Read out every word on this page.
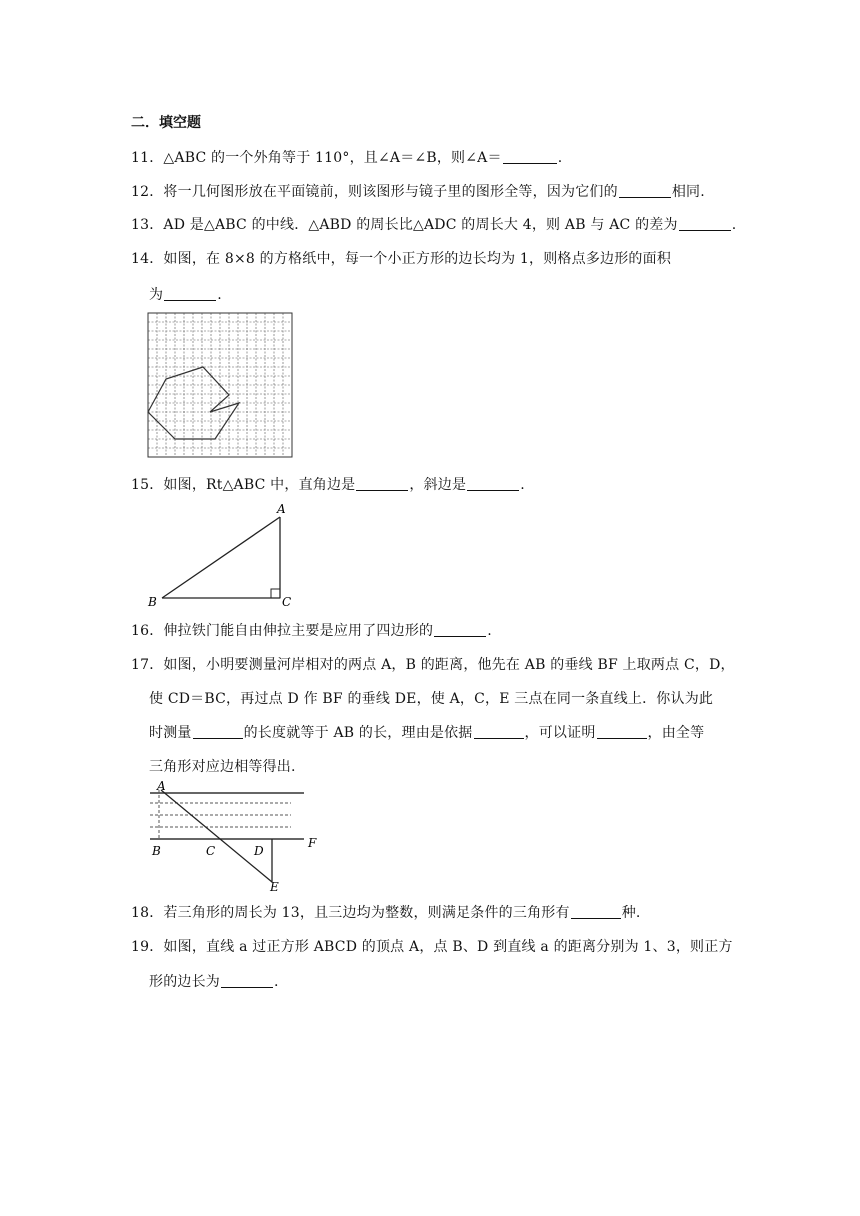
二．填空题
11．△ABC 的一个外角等于 110°，且∠A＝∠B，则∠A＝	.
12．将一几何图形放在平面镜前，则该图形与镜子里的图形全等，因为它们的	相同.
13．AD 是△ABC 的中线．△ABD 的周长比△ADC 的周长大 4，则 AB 与 AC 的差为	.
14．如图，在 8×8 的方格纸中，每一个小正方形的边长均为 1，则格点多边形的面积
为	.
15．如图，Rt△ABC 中，直角边是	，斜边是	.
A
B	C
16．伸拉铁门能自由伸拉主要是应用了四边形的	.
17．如图，小明要测量河岸相对的两点 A，B 的距离，他先在 AB 的垂线 BF 上取两点 C，D，
使 CD＝BC，再过点 D 作 BF 的垂线 DE，使 A，C，E 三点在同一条直线上．你认为此
时测量	的长度就等于 AB 的长，理由是依据	，可以证明	，由全等
三角形对应边相等得出.
A
B	C	D
E
F
18．若三角形的周长为 13，且三边均为整数，则满足条件的三角形有	种.
19．如图，直线 a 过正方形 ABCD 的顶点 A，点 B、D 到直线 a 的距离分别为 1、3，则正方
形的边长为	.
